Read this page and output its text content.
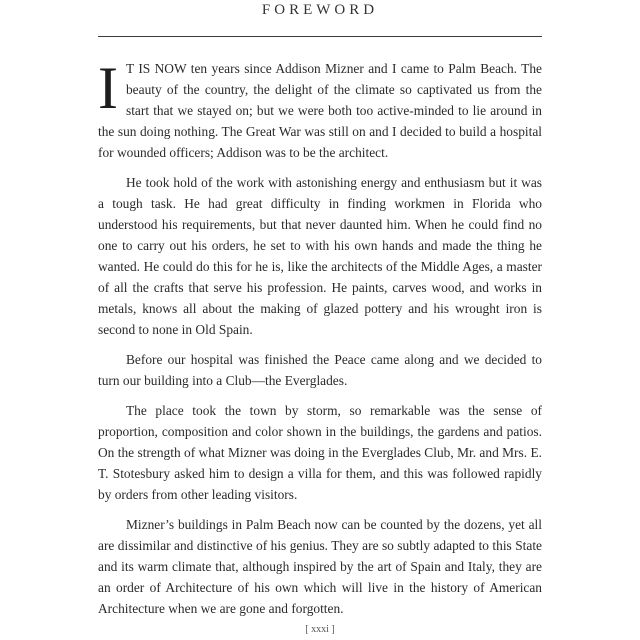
FOREWORD

I T IS NOW ten years since Addison Mizner and I came to Palm Beach. The beauty of the country, the delight of the climate so captivated us from the start that we stayed on; but we were both too active-minded to lie around in the sun doing nothing. The Great War was still on and I decided to build a hospital for wounded officers; Addison was to be the architect.

He took hold of the work with astonishing energy and enthusiasm but it was a tough task. He had great difficulty in finding workmen in Florida who understood his requirements, but that never daunted him. When he could find no one to carry out his orders, he set to with his own hands and made the thing he wanted. He could do this for he is, like the architects of the Middle Ages, a master of all the crafts that serve his profession. He paints, carves wood, and works in metals, knows all about the making of glazed pottery and his wrought iron is second to none in Old Spain.

Before our hospital was finished the Peace came along and we decided to turn our building into a Club—the Everglades.

The place took the town by storm, so remarkable was the sense of proportion, composition and color shown in the buildings, the gardens and patios. On the strength of what Mizner was doing in the Everglades Club, Mr. and Mrs. E. T. Stotesbury asked him to design a villa for them, and this was followed rapidly by orders from other leading visitors.

Mizner’s buildings in Palm Beach now can be counted by the dozens, yet all are dissimilar and distinctive of his genius. They are so subtly adapted to this State and its warm climate that, although inspired by the art of Spain and Italy, they are an order of Architecture of his own which will live in the history of American Architecture when we are gone and forgotten.

[ xxxi ]
